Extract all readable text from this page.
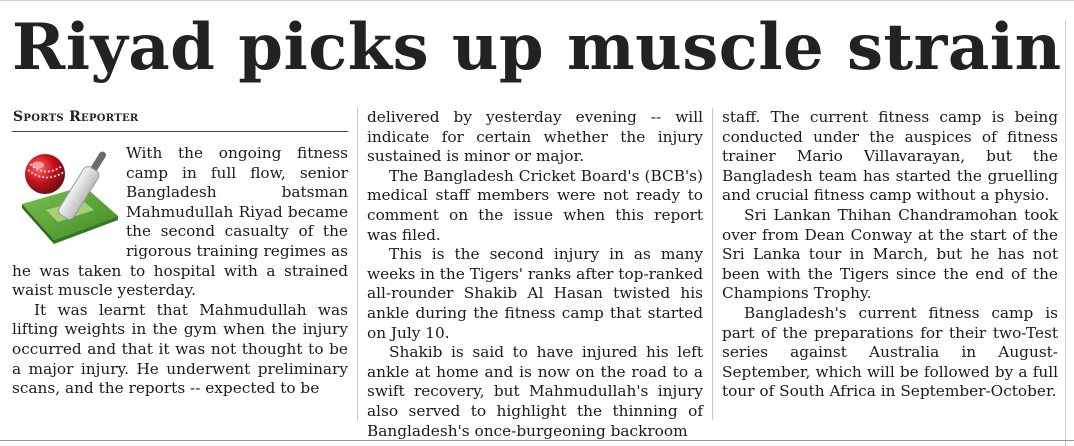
Riyad picks up muscle strain
Sports Reporter

With the ongoing fitness camp in full flow, senior Bangladesh batsman Mahmudullah Riyad became the second casualty of the rigorous training regimes as he was taken to hospital with a strained waist muscle yesterday.

It was learnt that Mahmudullah was lifting weights in the gym when the injury occurred and that it was not thought to be a major injury. He underwent preliminary scans, and the reports -- expected to be

delivered by yesterday evening -- will indicate for certain whether the injury sustained is minor or major.

The Bangladesh Cricket Board's (BCB's) medical staff members were not ready to comment on the issue when this report was filed.

This is the second injury in as many weeks in the Tigers' ranks after top-ranked all-rounder Shakib Al Hasan twisted his ankle during the fitness camp that started on July 10.

Shakib is said to have injured his left ankle at home and is now on the road to a swift recovery, but Mahmudullah's injury also served to highlight the thinning of Bangladesh's once-burgeoning backroom

staff. The current fitness camp is being conducted under the auspices of fitness trainer Mario Villavarayan, but the Bangladesh team has started the gruelling and crucial fitness camp without a physio.

Sri Lankan Thihan Chandramohan took over from Dean Conway at the start of the Sri Lanka tour in March, but he has not been with the Tigers since the end of the Champions Trophy.

Bangladesh's current fitness camp is part of the preparations for their two-Test series against Australia in August-September, which will be followed by a full tour of South Africa in September-October.
